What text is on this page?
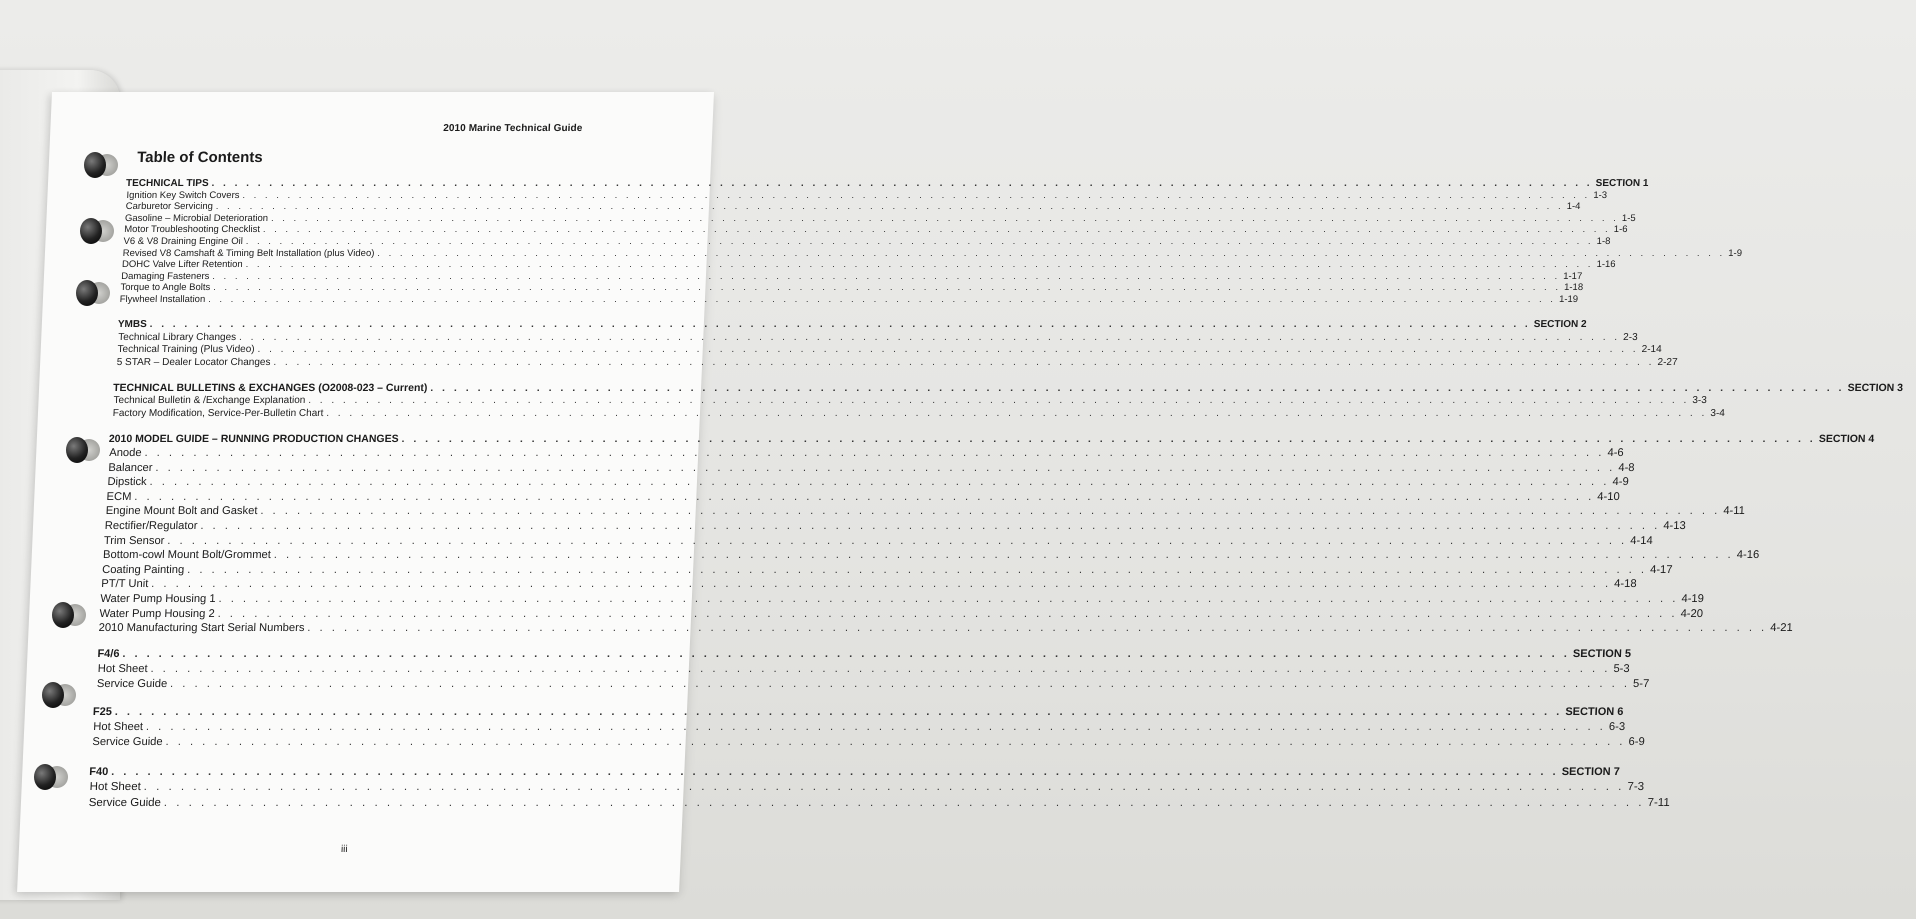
2010 Marine Technical Guide
Table of Contents
TECHNICAL TIPS . . . . . . . . . . . . . . . . . . . . . . . . . . . . . . . . . . . . . . . . . . . . . . . . . . . . . . . . . . . . . . . . . . . . . . . . . . . . . . . . . . . . . . . . . . . . . . . . . . . . . . . . . . . . . . . . . . . . . . . . SECTION 1
Ignition Key Switch Covers . . . . . . . . . . . . . . . . . . . . . . . . . . . . . . . . . . . . . . . . . . . . . . . . . . . . . . . . . . . . . . . . . . . . . . . . . . . . . . . . . . . . . . . . . . . . . . . . . . . . . . . . . . . . . . . . . . . . . . . . 1-3
Carburetor Servicing . . . . . . . . . . . . . . . . . . . . . . . . . . . . . . . . . . . . . . . . . . . . . . . . . . . . . . . . . . . . . . . . . . . . . . . . . . . . . . . . . . . . . . . . . . . . . . . . . . . . . . . . . . . . . . . . . . . . . . . . 1-4
Gasoline – Microbial Deterioration . . . . . . . . . . . . . . . . . . . . . . . . . . . . . . . . . . . . . . . . . . . . . . . . . . . . . . . . . . . . . . . . . . . . . . . . . . . . . . . . . . . . . . . . . . . . . . . . . . . . . . . . . . . . . . . . . . . . . . . . 1-5
Motor Troubleshooting Checklist . . . . . . . . . . . . . . . . . . . . . . . . . . . . . . . . . . . . . . . . . . . . . . . . . . . . . . . . . . . . . . . . . . . . . . . . . . . . . . . . . . . . . . . . . . . . . . . . . . . . . . . . . . . . . . . . . . . . . . . . 1-6
V6 & V8 Draining Engine Oil . . . . . . . . . . . . . . . . . . . . . . . . . . . . . . . . . . . . . . . . . . . . . . . . . . . . . . . . . . . . . . . . . . . . . . . . . . . . . . . . . . . . . . . . . . . . . . . . . . . . . . . . . . . . . . . . . . . . . . . . 1-8
Revised V8 Camshaft & Timing Belt Installation (plus Video) . . . . . . . . . . . . . . . . . . . . . . . . . . . . . . . . . . . . . . . . . . . . . . . . . . . . . . . . . . . . . . . . . . . . . . . . . . . . . . . . . . . . . . . . . . . . . . . . . . . . . . . . . . . . . . . . . . . . . . . . 1-9
DOHC Valve Lifter Retention . . . . . . . . . . . . . . . . . . . . . . . . . . . . . . . . . . . . . . . . . . . . . . . . . . . . . . . . . . . . . . . . . . . . . . . . . . . . . . . . . . . . . . . . . . . . . . . . . . . . . . . . . . . . . . . . . . . . . . . . 1-16
Damaging Fasteners . . . . . . . . . . . . . . . . . . . . . . . . . . . . . . . . . . . . . . . . . . . . . . . . . . . . . . . . . . . . . . . . . . . . . . . . . . . . . . . . . . . . . . . . . . . . . . . . . . . . . . . . . . . . . . . . . . . . . . . . 1-17
Torque to Angle Bolts . . . . . . . . . . . . . . . . . . . . . . . . . . . . . . . . . . . . . . . . . . . . . . . . . . . . . . . . . . . . . . . . . . . . . . . . . . . . . . . . . . . . . . . . . . . . . . . . . . . . . . . . . . . . . . . . . . . . . . . . 1-18
Flywheel Installation . . . . . . . . . . . . . . . . . . . . . . . . . . . . . . . . . . . . . . . . . . . . . . . . . . . . . . . . . . . . . . . . . . . . . . . . . . . . . . . . . . . . . . . . . . . . . . . . . . . . . . . . . . . . . . . . . . . . . . . . 1-19
YMBS . . . . . . . . . . . . . . . . . . . . . . . . . . . . . . . . . . . . . . . . . . . . . . . . . . . . . . . . . . . . . . . . . . . . . . . . . . . . . . . . . . . . . . . . . . . . . . . . . . . . . . . . . . . . . . . . . . . . . . . . SECTION 2
Technical Library Changes . . . . . . . . . . . . . . . . . . . . . . . . . . . . . . . . . . . . . . . . . . . . . . . . . . . . . . . . . . . . . . . . . . . . . . . . . . . . . . . . . . . . . . . . . . . . . . . . . . . . . . . . . . . . . . . . . . . . . . . . 2-3
Technical Training (Plus Video) . . . . . . . . . . . . . . . . . . . . . . . . . . . . . . . . . . . . . . . . . . . . . . . . . . . . . . . . . . . . . . . . . . . . . . . . . . . . . . . . . . . . . . . . . . . . . . . . . . . . . . . . . . . . . . . . . . . . . . . . 2-14
5 STAR – Dealer Locator Changes . . . . . . . . . . . . . . . . . . . . . . . . . . . . . . . . . . . . . . . . . . . . . . . . . . . . . . . . . . . . . . . . . . . . . . . . . . . . . . . . . . . . . . . . . . . . . . . . . . . . . . . . . . . . . . . . . . . . . . . . 2-27
TECHNICAL BULLETINS & EXCHANGES (O2008-023 – Current) . . . . . . . . . . . . . . . . . . . . . . . . . . . . . . . . . . . . . . . . . . . . . . . . . . . . . . . . . . . . . . . . . . . . . . . . . . . . . . . . . . . . . . . . . . . . . . . . . . . . . . . . . . . . . . . . . . . . . . . . SECTION 3
Technical Bulletin & /Exchange Explanation . . . . . . . . . . . . . . . . . . . . . . . . . . . . . . . . . . . . . . . . . . . . . . . . . . . . . . . . . . . . . . . . . . . . . . . . . . . . . . . . . . . . . . . . . . . . . . . . . . . . . . . . . . . . . . . . . . . . . . . . 3-3
Factory Modification, Service-Per-Bulletin Chart . . . . . . . . . . . . . . . . . . . . . . . . . . . . . . . . . . . . . . . . . . . . . . . . . . . . . . . . . . . . . . . . . . . . . . . . . . . . . . . . . . . . . . . . . . . . . . . . . . . . . . . . . . . . . . . . . . . . . . . . 3-4
2010 MODEL GUIDE – RUNNING PRODUCTION CHANGES . . . . . . . . . . . . . . . . . . . . . . . . . . . . . . . . . . . . . . . . . . . . . . . . . . . . . . . . . . . . . . . . . . . . . . . . . . . . . . . . . . . . . . . . . . . . . . . . . . . . . . . . . . . . . . . . . . . . . . . . SECTION 4
Anode . . . . . . . . . . . . . . . . . . . . . . . . . . . . . . . . . . . . . . . . . . . . . . . . . . . . . . . . . . . . . . . . . . . . . . . . . . . . . . . . . . . . . . . . . . . . . . . . . . . . . . . . . . . . . . . . . . . . . . . . 4-6
Balancer . . . . . . . . . . . . . . . . . . . . . . . . . . . . . . . . . . . . . . . . . . . . . . . . . . . . . . . . . . . . . . . . . . . . . . . . . . . . . . . . . . . . . . . . . . . . . . . . . . . . . . . . . . . . . . . . . . . . . . . . 4-8
Dipstick . . . . . . . . . . . . . . . . . . . . . . . . . . . . . . . . . . . . . . . . . . . . . . . . . . . . . . . . . . . . . . . . . . . . . . . . . . . . . . . . . . . . . . . . . . . . . . . . . . . . . . . . . . . . . . . . . . . . . . . . 4-9
ECM . . . . . . . . . . . . . . . . . . . . . . . . . . . . . . . . . . . . . . . . . . . . . . . . . . . . . . . . . . . . . . . . . . . . . . . . . . . . . . . . . . . . . . . . . . . . . . . . . . . . . . . . . . . . . . . . . . . . . . . . 4-10
Engine Mount Bolt and Gasket . . . . . . . . . . . . . . . . . . . . . . . . . . . . . . . . . . . . . . . . . . . . . . . . . . . . . . . . . . . . . . . . . . . . . . . . . . . . . . . . . . . . . . . . . . . . . . . . . . . . . . . . . . . . . . . . . . . . . . . . 4-11
Rectifier/Regulator . . . . . . . . . . . . . . . . . . . . . . . . . . . . . . . . . . . . . . . . . . . . . . . . . . . . . . . . . . . . . . . . . . . . . . . . . . . . . . . . . . . . . . . . . . . . . . . . . . . . . . . . . . . . . . . . . . . . . . . . 4-13
Trim Sensor . . . . . . . . . . . . . . . . . . . . . . . . . . . . . . . . . . . . . . . . . . . . . . . . . . . . . . . . . . . . . . . . . . . . . . . . . . . . . . . . . . . . . . . . . . . . . . . . . . . . . . . . . . . . . . . . . . . . . . . . 4-14
Bottom-cowl Mount Bolt/Grommet . . . . . . . . . . . . . . . . . . . . . . . . . . . . . . . . . . . . . . . . . . . . . . . . . . . . . . . . . . . . . . . . . . . . . . . . . . . . . . . . . . . . . . . . . . . . . . . . . . . . . . . . . . . . . . . . . . . . . . . . 4-16
Coating Painting . . . . . . . . . . . . . . . . . . . . . . . . . . . . . . . . . . . . . . . . . . . . . . . . . . . . . . . . . . . . . . . . . . . . . . . . . . . . . . . . . . . . . . . . . . . . . . . . . . . . . . . . . . . . . . . . . . . . . . . . 4-17
PT/T Unit . . . . . . . . . . . . . . . . . . . . . . . . . . . . . . . . . . . . . . . . . . . . . . . . . . . . . . . . . . . . . . . . . . . . . . . . . . . . . . . . . . . . . . . . . . . . . . . . . . . . . . . . . . . . . . . . . . . . . . . . 4-18
Water Pump Housing 1 . . . . . . . . . . . . . . . . . . . . . . . . . . . . . . . . . . . . . . . . . . . . . . . . . . . . . . . . . . . . . . . . . . . . . . . . . . . . . . . . . . . . . . . . . . . . . . . . . . . . . . . . . . . . . . . . . . . . . . . . 4-19
Water Pump Housing 2 . . . . . . . . . . . . . . . . . . . . . . . . . . . . . . . . . . . . . . . . . . . . . . . . . . . . . . . . . . . . . . . . . . . . . . . . . . . . . . . . . . . . . . . . . . . . . . . . . . . . . . . . . . . . . . . . . . . . . . . . 4-20
2010 Manufacturing Start Serial Numbers . . . . . . . . . . . . . . . . . . . . . . . . . . . . . . . . . . . . . . . . . . . . . . . . . . . . . . . . . . . . . . . . . . . . . . . . . . . . . . . . . . . . . . . . . . . . . . . . . . . . . . . . . . . . . . . . . . . . . . . . 4-21
F4/6 . . . . . . . . . . . . . . . . . . . . . . . . . . . . . . . . . . . . . . . . . . . . . . . . . . . . . . . . . . . . . . . . . . . . . . . . . . . . . . . . . . . . . . . . . . . . . . . . . . . . . . . . . . . . . . . . . . . . . . . . SECTION 5
Hot Sheet . . . . . . . . . . . . . . . . . . . . . . . . . . . . . . . . . . . . . . . . . . . . . . . . . . . . . . . . . . . . . . . . . . . . . . . . . . . . . . . . . . . . . . . . . . . . . . . . . . . . . . . . . . . . . . . . . . . . . . . . 5-3
Service Guide . . . . . . . . . . . . . . . . . . . . . . . . . . . . . . . . . . . . . . . . . . . . . . . . . . . . . . . . . . . . . . . . . . . . . . . . . . . . . . . . . . . . . . . . . . . . . . . . . . . . . . . . . . . . . . . . . . . . . . . . 5-7
F25 . . . . . . . . . . . . . . . . . . . . . . . . . . . . . . . . . . . . . . . . . . . . . . . . . . . . . . . . . . . . . . . . . . . . . . . . . . . . . . . . . . . . . . . . . . . . . . . . . . . . . . . . . . . . . . . . . . . . . . . . SECTION 6
Hot Sheet . . . . . . . . . . . . . . . . . . . . . . . . . . . . . . . . . . . . . . . . . . . . . . . . . . . . . . . . . . . . . . . . . . . . . . . . . . . . . . . . . . . . . . . . . . . . . . . . . . . . . . . . . . . . . . . . . . . . . . . . 6-3
Service Guide . . . . . . . . . . . . . . . . . . . . . . . . . . . . . . . . . . . . . . . . . . . . . . . . . . . . . . . . . . . . . . . . . . . . . . . . . . . . . . . . . . . . . . . . . . . . . . . . . . . . . . . . . . . . . . . . . . . . . . . . 6-9
F40 . . . . . . . . . . . . . . . . . . . . . . . . . . . . . . . . . . . . . . . . . . . . . . . . . . . . . . . . . . . . . . . . . . . . . . . . . . . . . . . . . . . . . . . . . . . . . . . . . . . . . . . . . . . . . . . . . . . . . . . . SECTION 7
Hot Sheet . . . . . . . . . . . . . . . . . . . . . . . . . . . . . . . . . . . . . . . . . . . . . . . . . . . . . . . . . . . . . . . . . . . . . . . . . . . . . . . . . . . . . . . . . . . . . . . . . . . . . . . . . . . . . . . . . . . . . . . . 7-3
Service Guide . . . . . . . . . . . . . . . . . . . . . . . . . . . . . . . . . . . . . . . . . . . . . . . . . . . . . . . . . . . . . . . . . . . . . . . . . . . . . . . . . . . . . . . . . . . . . . . . . . . . . . . . . . . . . . . . . . . . . . . . 7-11
iii
